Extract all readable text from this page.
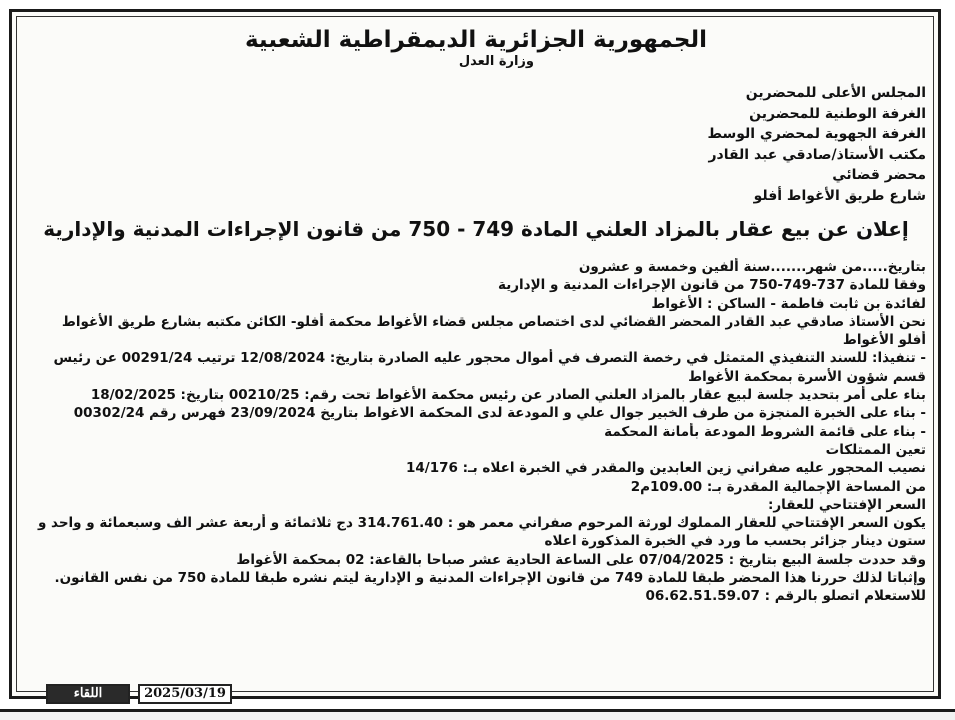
الجمهورية الجزائرية الديمقراطية الشعبية
وزارة العدل
المجلس الأعلى للمحضرين
الغرفة الوطنية للمحضرين
الغرفة الجهوية لمحضري الوسط
مكتب الأستاذ/صادقي عبد القادر
محضر قضائي
شارع طريق الأغواط أفلو
إعلان عن بيع عقار بالمزاد العلني المادة 749 - 750 من قانون الإجراءات المدنية والإدارية
بتاريخ.....من شهر.......سنة ألفين وخمسة و عشرون
وفقا للمادة 737-749-750 من قانون الإجراءات المدنية و الإدارية
لفائدة بن ثابت فاطمة - الساكن : الأغواط
نحن الأستاذ صادقي عبد القادر المحضر القضائي لدى اختصاص مجلس قضاء الأغواط محكمة أفلو- الكائن مكتبه بشارع طريق الأغواط
أفلو الأغواط
- تنفيذا: للسند التنفيذي المتمثل في رخصة التصرف في أموال محجور عليه الصادرة بتاريخ: 12/08/2024 ترتيب 00291/24 عن رئيس
قسم شؤون الأسرة بمحكمة الأغواط
بناء على أمر بتحديد جلسة لبيع عقار بالمزاد العلني الصادر عن رئيس محكمة الأغواط تحت رقم: 00210/25 بتاريخ: 18/02/2025
- بناء على الخبرة المنجزة من طرف الخبير جوال علي و المودعة لدى المحكمة الاغواط بتاريخ 23/09/2024 فهرس رقم 00302/24
- بناء على قائمة الشروط المودعة بأمانة المحكمة
تعين الممتلكات
نصيب المحجور عليه صفراني زين العابدين والمقدر في الخبرة اعلاه بـ: 14/176
من المساحة الإجمالية المقدرة بـ: 109.00م2
السعر الإفتتاحي للعقار:
يكون السعر الإفتتاحي للعقار المملوك لورثة المرحوم صفراني معمر هو : 314.761.40 دج ثلاثمائة و أربعة عشر الف وسبعمائة و واحد و
ستون دينار جزائر بحسب ما ورد في الخبرة المذكورة اعلاه
وقد حددت جلسة البيع بتاريخ : 07/04/2025 على الساعة الحادية عشر صباحا بالقاعة: 02 بمحكمة الأغواط
وإثباتا لذلك حررنا هذا المحضر طبقا للمادة 749 من قانون الإجراءات المدنية و الإدارية ليتم نشره طبقا للمادة 750 من نفس القانون.
للاستعلام اتصلو بالرقم : 06.62.51.59.07
اللقاء	2025/03/19
